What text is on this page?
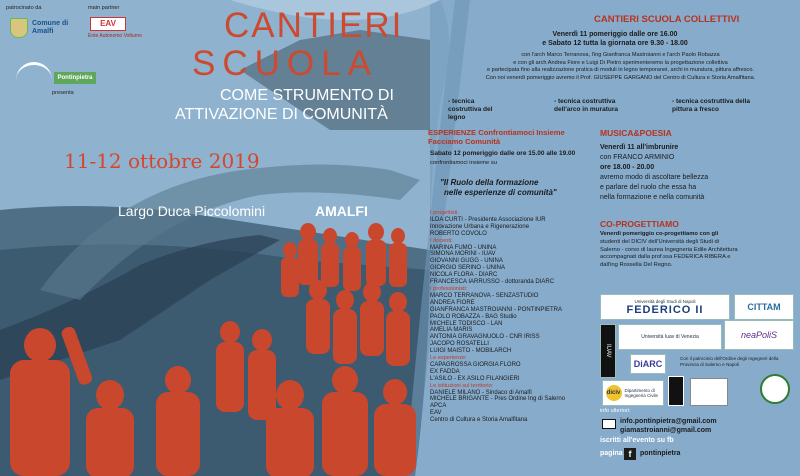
patrocinato da
Comune di Amalfi
main partner
EAV
Ente Autonomo Volturno
Pontinpietra
presenta
CANTIERI
SCUOLA
COME STRUMENTO DI
ATTIVAZIONE DI COMUNITÀ
11-12 ottobre 2019
Largo Duca Piccolomini	AMALFI
CANTIERI SCUOLA COLLETTIVI
Venerdì 11 pomeriggio dalle ore 16.00
e Sabato 12 tutta la giornata ore 9.30 - 18.00
con l'arch Marco Terranova, l'ing Gianfranca Mastroianni e l'arch Paolo Robazza
e con gli arch Andrea Fiore e Luigi Di Pietro sperimenteremo la progettazione collettiva
e partecipata fino alla realizzazione pratica di moduli in legno temporanei, archi in muratura, pittura affresco.
Con noi venerdì pomeriggio avremo il Prof. GIUSEPPE GARGANO del Centro di Cultura e Storia Amalfitana.
- tecnica costruttiva del legno
- tecnica costruttiva dell'arco in muratura
- tecnica costruttiva della pittura a fresco
ESPERIENZE Confrontiamoci Insieme
Facciamo Comunità
Sabato 12 pomeriggio dalle ore 15.00 alle 19.00
confrontiamoci insieme su
"Il Ruolo della formazione
nelle esperienze di comunità"
I progettisti:
ILDA CURTI - Presidente Associazione IUR
Innovazione Urbana e Rigenerazione
ROBERTO COVOLO
I docenti:
MARINA FUMO - UNINA
SIMONA MORINI - IUAV
GIOVANNI GUGG - UNINA
GIORGIO SERINO - UNINA
NICOLA FLORA - DIARC
FRANCESCA IARRUSSO - dottoranda DIARC
I professionisti:
MARCO TERRANOVA - SENZASTUDIO
ANDREA FIORE
GIANFRANCA MASTROIANNI - PONTINPIETRA
PAOLO ROBAZZA - BAG Studio
MICHELE TODISCO - LAN
AMELIA MARIS
ANTONIA GRAVAGNUOLO - CNR IRISS
JACOPO ROSATELLI
LUIGI MAISTO - MOBILARCH
Le esperienze:
CAPAGROSSA GIORGIA FLORO
EX FADDA
L'ASILO - EX ASILO FILANGIERI
Le istituzioni sul territorio:
DANIELE MILANO - Sindaco di Amalfi
MICHELE BRIGANTE - Pres Ordine Ing di Salerno
APCA
EAV
Centro di Cultura e Storia Amalfitana
MUSICA&POESIA
Venerdì 11 all'imbrunire
con FRANCO ARMINIO
ore 18.00 - 20.00
avremo modo di ascoltare bellezza
e parlare del ruolo che essa ha
nella formazione e nella comunità
CO-PROGETTIAMO
Venerdì pomeriggio co-progettiamo con gli
studenti del DICIV dell'Università degli Studi di
Salerno - corso di laurea Ingegneria Edile Architettura
accompagnati dalla prof.ssa FEDERICA RIBERA e
dall'ing Rossella Del Regno.
Università degli Studi di Napoli
FEDERICO II	CITTAM
IUAV
Università Iuav di Venezia	neaPoliS
DiARC
Con il patrocinio dell'Ordine degli Ingegneri della Provincia di Salerno e Napoli
diciv Dipartimento di Ingegneria Civile
info ulteriori:
info.pontinpietra@gmail.com
giamastroianni@gmail.com
iscritti all'evento su fb
pagina f	pontinpietra
